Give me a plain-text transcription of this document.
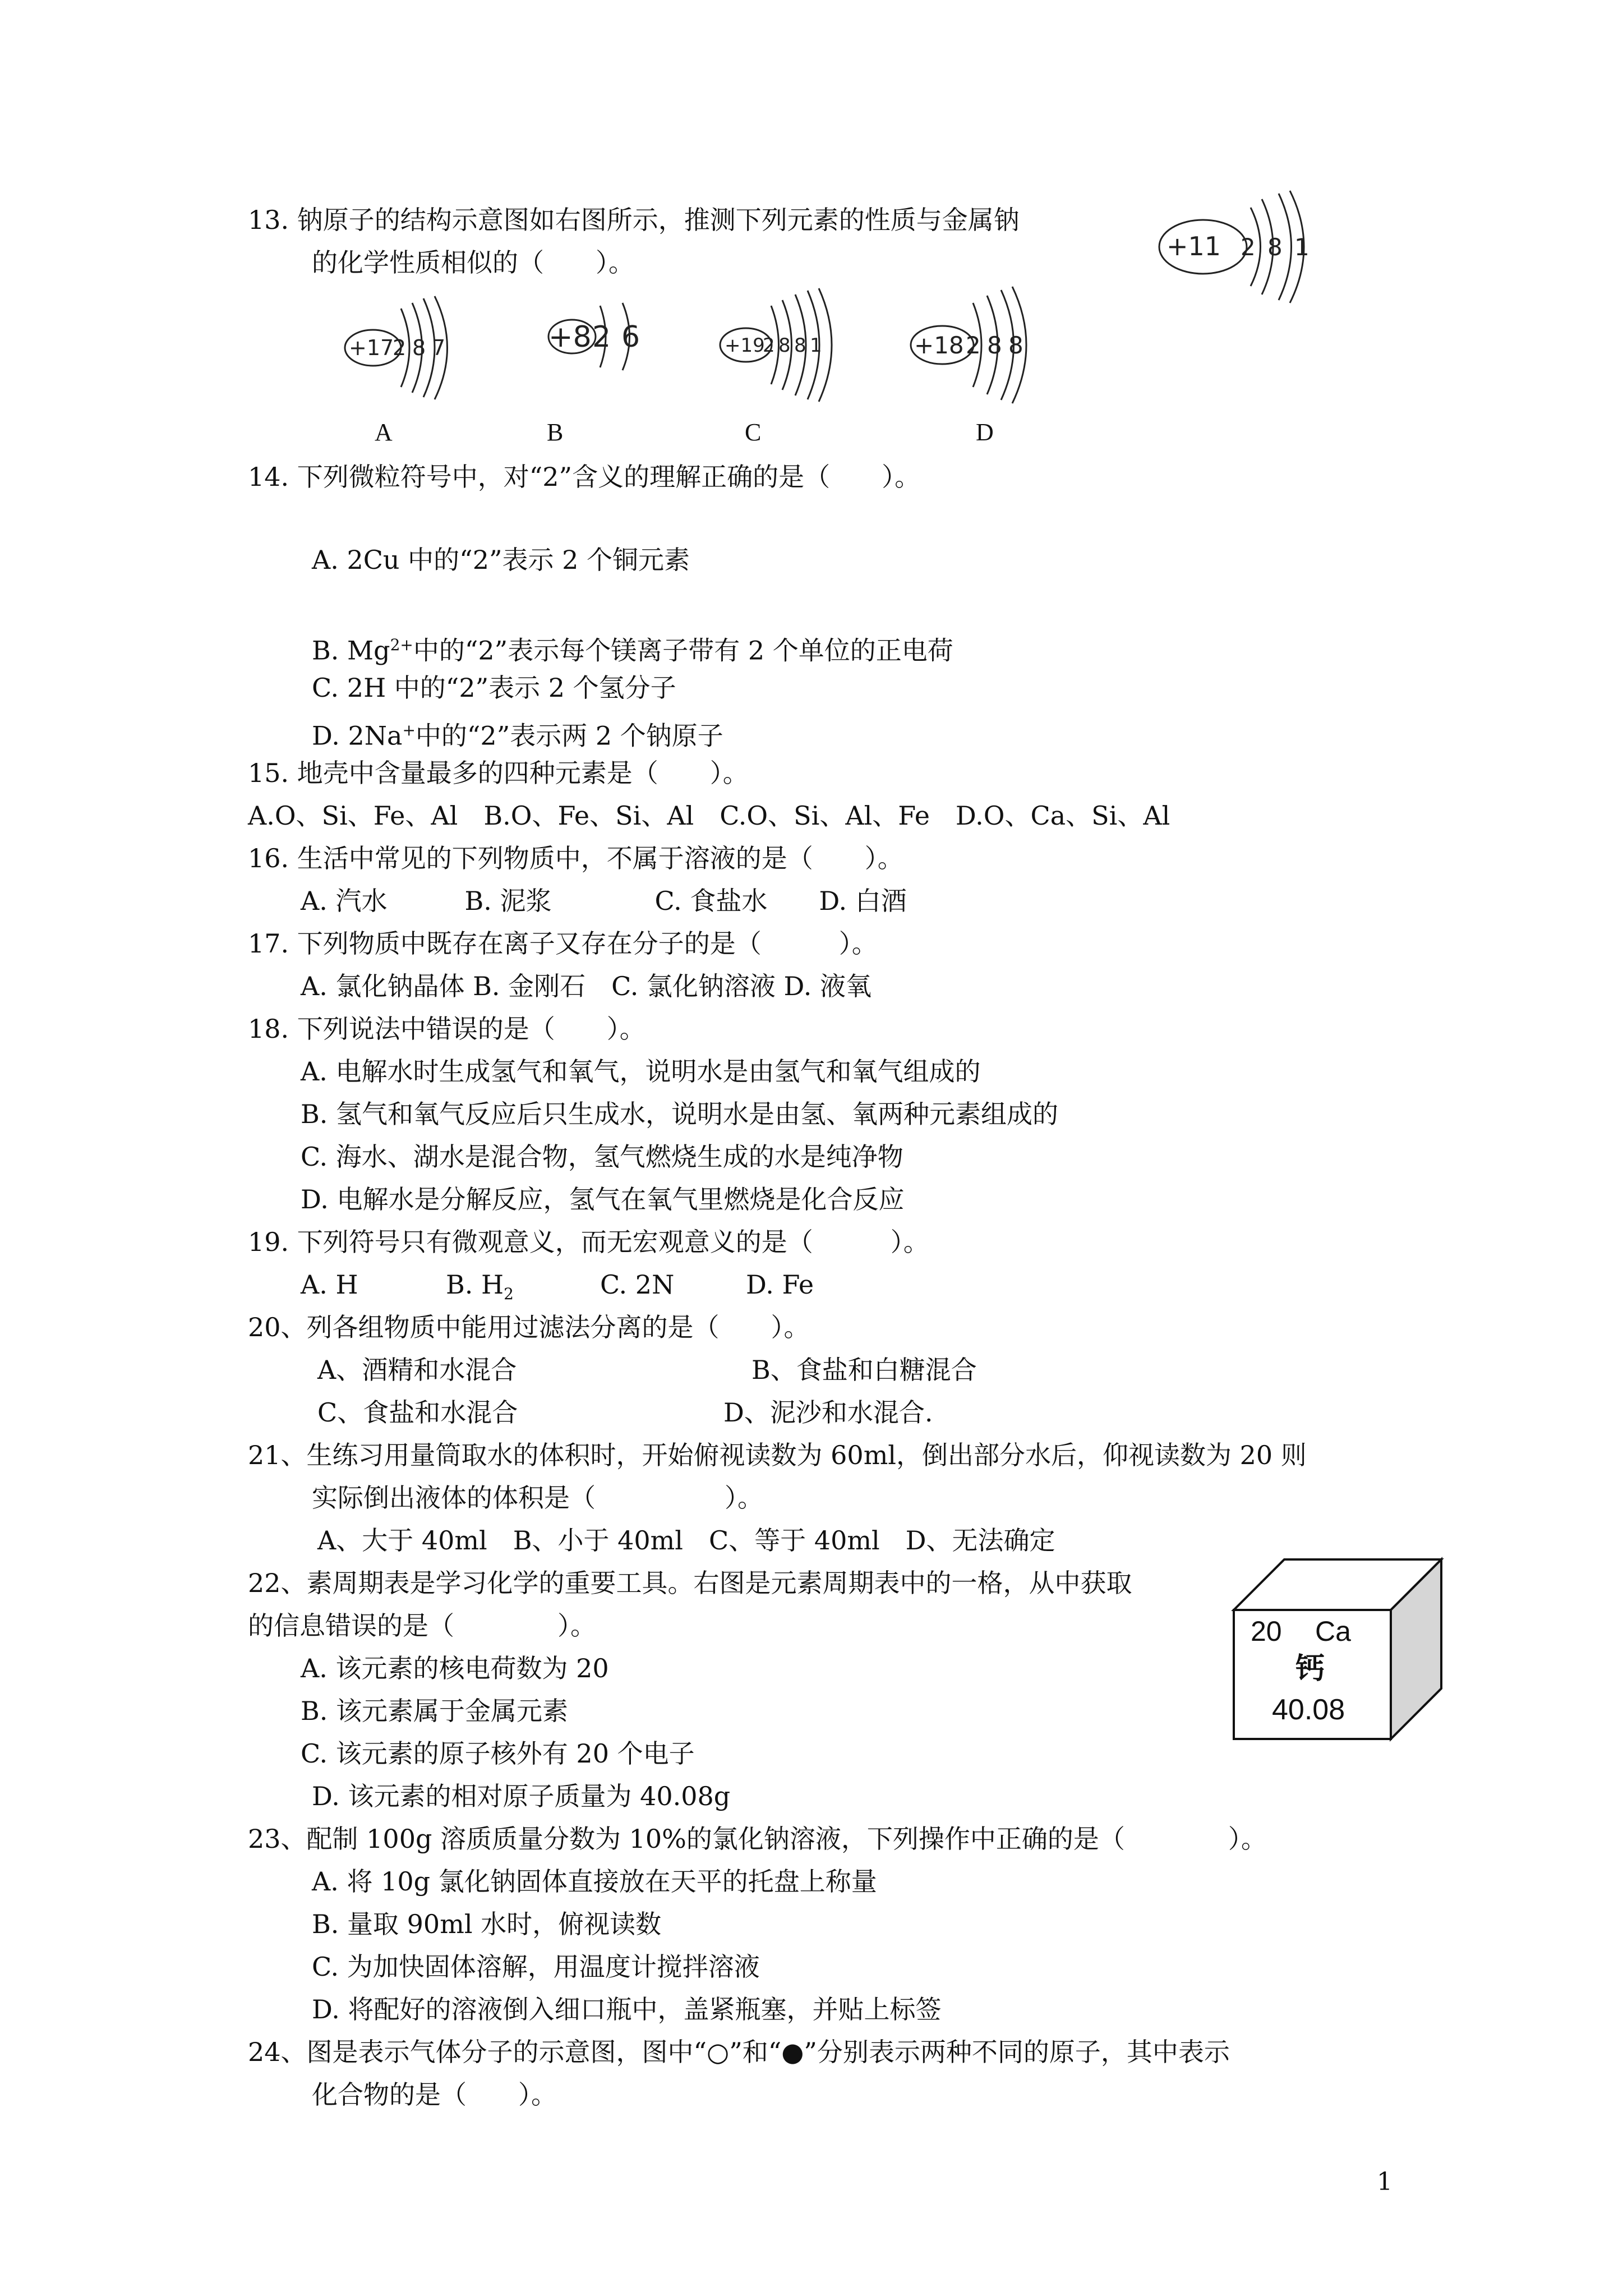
13. 钠原子的结构示意图如右图所示，推测下列元素的性质与金属钠
的化学性质相似的（　　）。
+11 2 8 1
+17
2 8 7
A
+8 2 6
B
+19
2 8 8 1
C
+18 2 8 8
D
14. 下列微粒符号中，对“2”含义的理解正确的是（　　）。
A. 2Cu 中的“2”表示 2 个铜元素
B. $Mg^{2+}$中的“2”表示每个镁离子带有 2 个单位的正电荷
C. 2H 中的“2”表示 2 个氢分子
D. 2Na+中的“2”表示两 2 个钠原子
15. 地壳中含量最多的四种元素是（　　）。
A.O、Si、Fe、Al　B.O、Fe、Si、Al　C.O、Si、Al、Fe　D.O、Ca、Si、Al
16. 生活中常见的下列物质中，不属于溶液的是（　　）。
A. 汽水　　　B. 泥浆　　　　C. 食盐水　　D. 白酒
17. 下列物质中既存在离子又存在分子的是（　　　）。
A. 氯化钠晶体 B. 金刚石　C. 氯化钠溶液 D. 液氧
18. 下列说法中错误的是（　　）。
A. 电解水时生成氢气和氧气，说明水是由氢气和氧气组成的
B. 氢气和氧气反应后只生成水，说明水是由氢、氧两种元素组成的
C. 海水、湖水是混合物，氢气燃烧生成的水是纯净物
D. 电解水是分解反应，氢气在氧气里燃烧是化合反应
19. 下列符号只有微观意义，而无宏观意义的是（　　　）。
A. H	B. $H_2$	C. 2N	D. Fe
20、列各组物质中能用过滤法分离的是（　　）。
A、酒精和水混合	B、食盐和白糖混合
C、食盐和水混合	D、泥沙和水混合.
21、生练习用量筒取水的体积时，开始俯视读数为 60ml，倒出部分水后，仰视读数为 20 则
实际倒出液体的体积是（　　　　　）。
A、大于 40ml　B、小于 40ml　C、等于 40ml　D、无法确定
22、素周期表是学习化学的重要工具。右图是元素周期表中的一格，从中获取
的信息错误的是（　　　　）。
A. 该元素的核电荷数为 20
B. 该元素属于金属元素
C. 该元素的原子核外有 20 个电子
D. 该元素的相对原子质量为 40.08g
20 Ca
钙
40.08
23、配制 100g 溶质质量分数为 10%的氯化钠溶液，下列操作中正确的是（　　　　）。
A. 将 10g 氯化钠固体直接放在天平的托盘上称量
B. 量取 90ml 水时，俯视读数
C. 为加快固体溶解，用温度计搅拌溶液
D. 将配好的溶液倒入细口瓶中，盖紧瓶塞，并贴上标签
24、图是表示气体分子的示意图，图中“○”和“●”分别表示两种不同的原子，其中表示
化合物的是（　　）。
1
